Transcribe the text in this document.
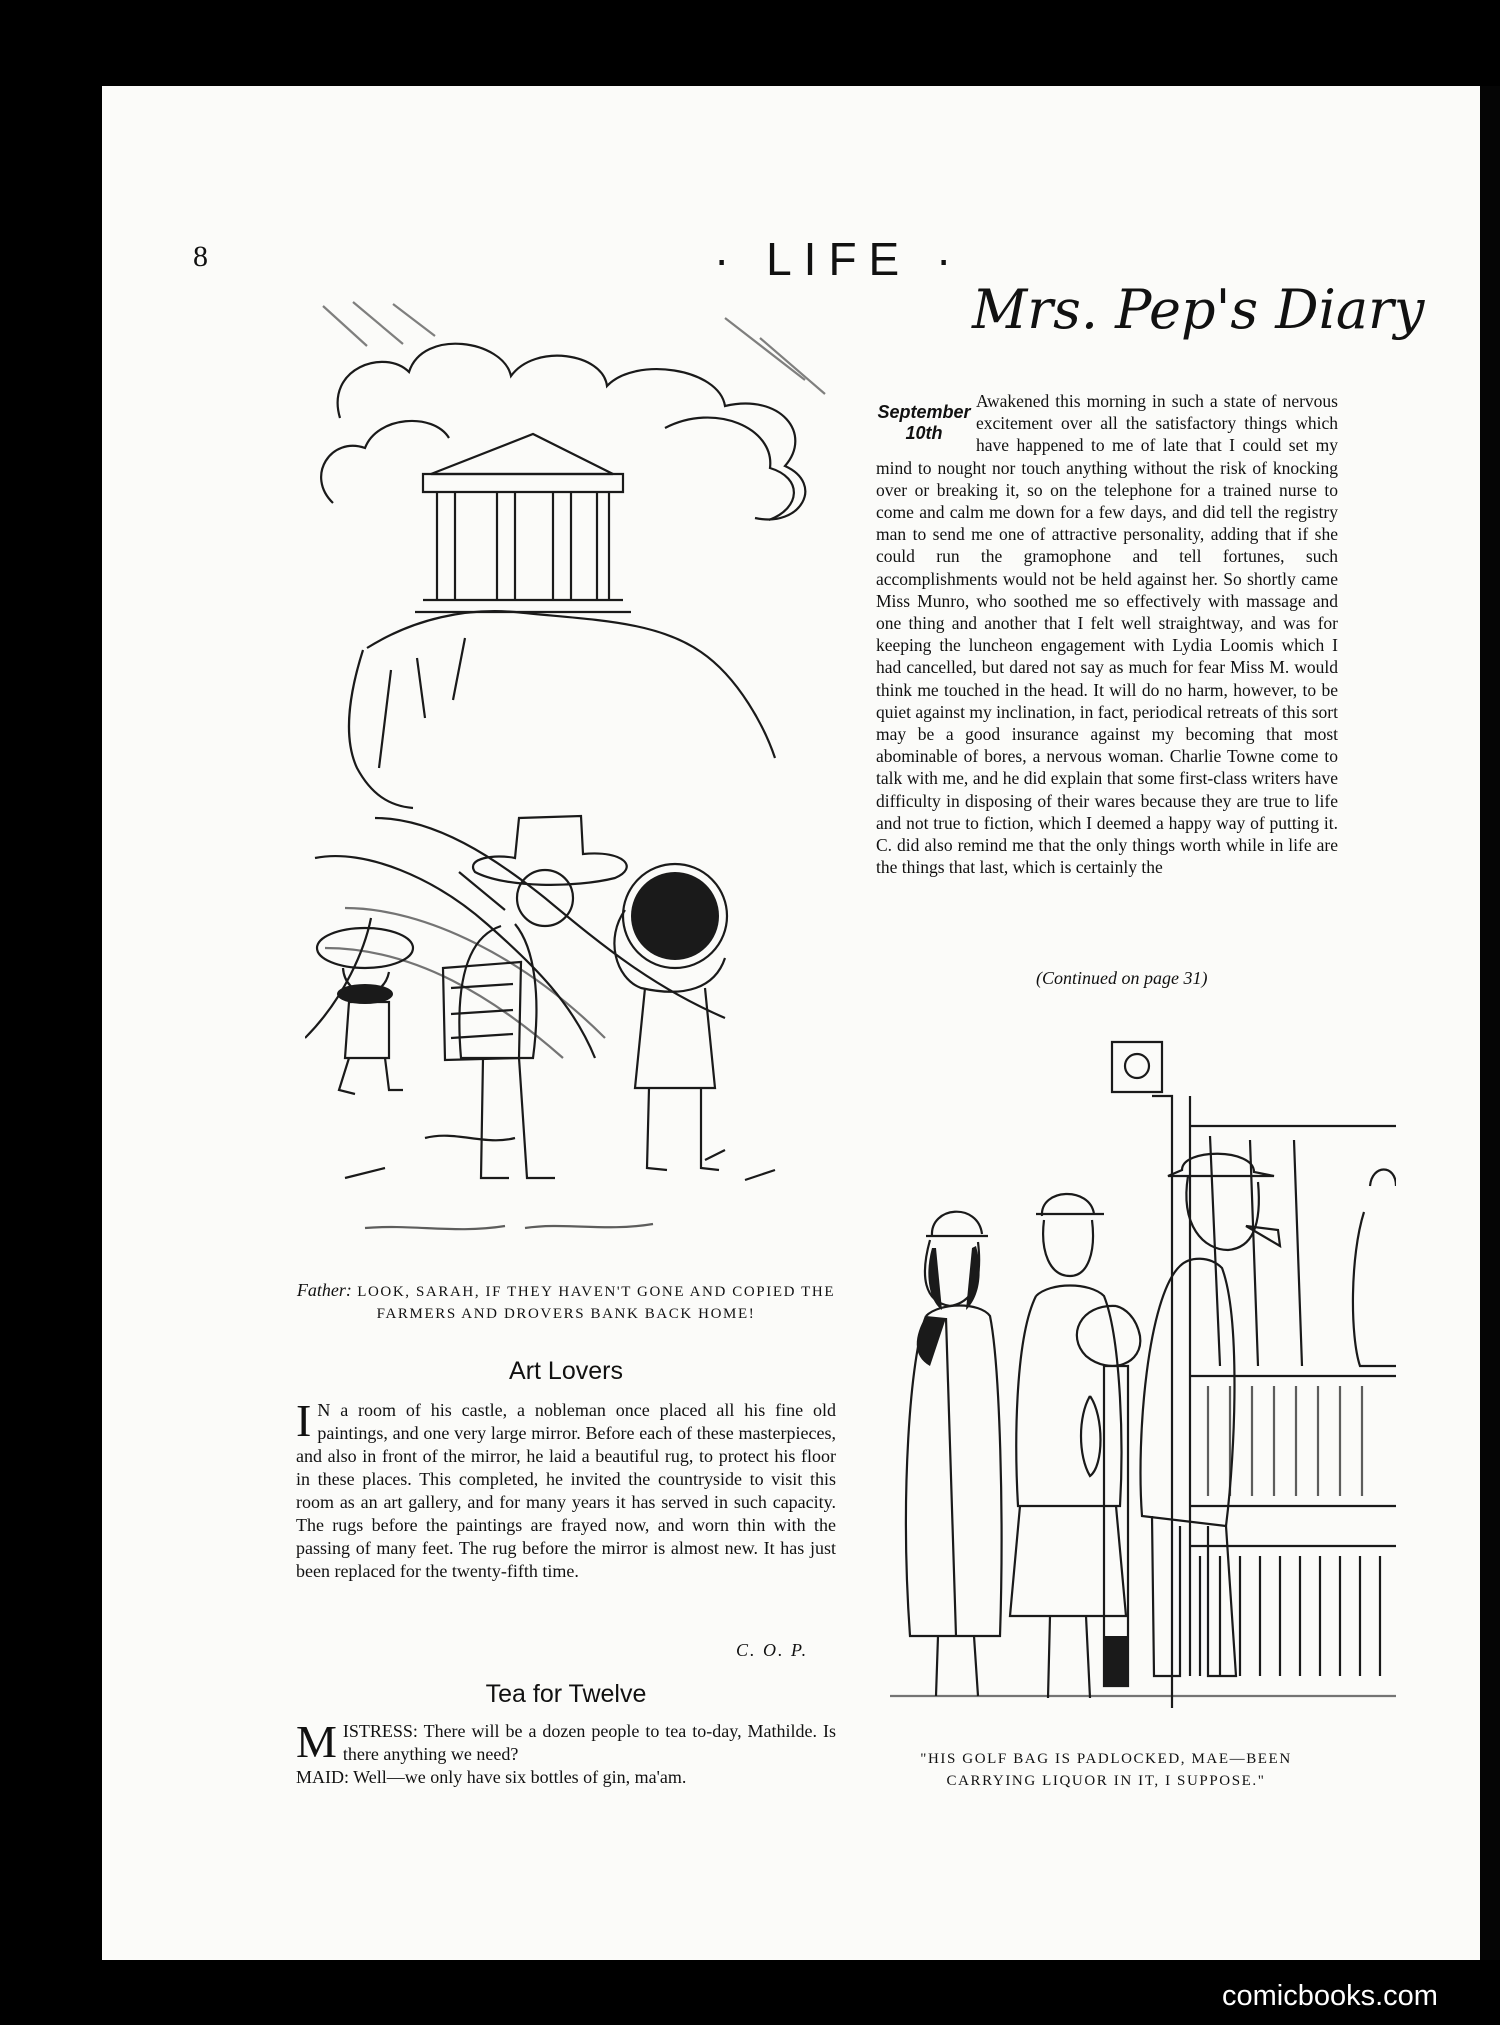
8	· LIFE ·
Father: LOOK, SARAH, IF THEY HAVEN'T GONE AND COPIED THE FARMERS AND DROVERS BANK BACK HOME!
Art Lovers

I N a room of his castle, a nobleman once placed all his fine old paintings, and one very large mirror. Before each of these masterpieces, and also in front of the mirror, he laid a beautiful rug, to protect his floor in these places. This completed, he invited the countryside to visit this room as an art gallery, and for many years it has served in such capacity. The rugs before the paintings are frayed now, and worn thin with the passing of many feet. The rug before the mirror is almost new. It has just been replaced for the twenty-fifth time.

C. O. P.
Tea for Twelve

MISTRESS: There will be a dozen people to tea to-day, Mathilde. Is there anything we need?

MAID: Well—we only have six bottles of gin, ma'am.

Mrs. Pep's Diary
September 10th

Awakened this morning in such a state of nervous excitement over all the satisfactory things which have happened to me of late that I could set my mind to nought nor touch anything without the risk of knocking over or breaking it, so on the telephone for a trained nurse to come and calm me down for a few days, and did tell the registry man to send me one of attractive personality, adding that if she could run the gramophone and tell fortunes, such accomplishments would not be held against her. So shortly came Miss Munro, who soothed me so effectively with massage and one thing and another that I felt well straightway, and was for keeping the luncheon engagement with Lydia Loomis which I had cancelled, but dared not say as much for fear Miss M. would think me touched in the head. It will do no harm, however, to be quiet against my inclination, in fact, periodical retreats of this sort may be a good insurance against my becoming that most abominable of bores, a nervous woman. Charlie Towne come to talk with me, and he did explain that some first-class writers have difficulty in disposing of their wares because they are true to life and not true to fiction, which I deemed a happy way of putting it. C. did also remind me that the only things worth while in life are the things that last, which is certainly the

(Continued on page 31)
"HIS GOLF BAG IS PADLOCKED, MAE—BEEN CARRYING LIQUOR IN IT, I SUPPOSE."
comicbooks.com
